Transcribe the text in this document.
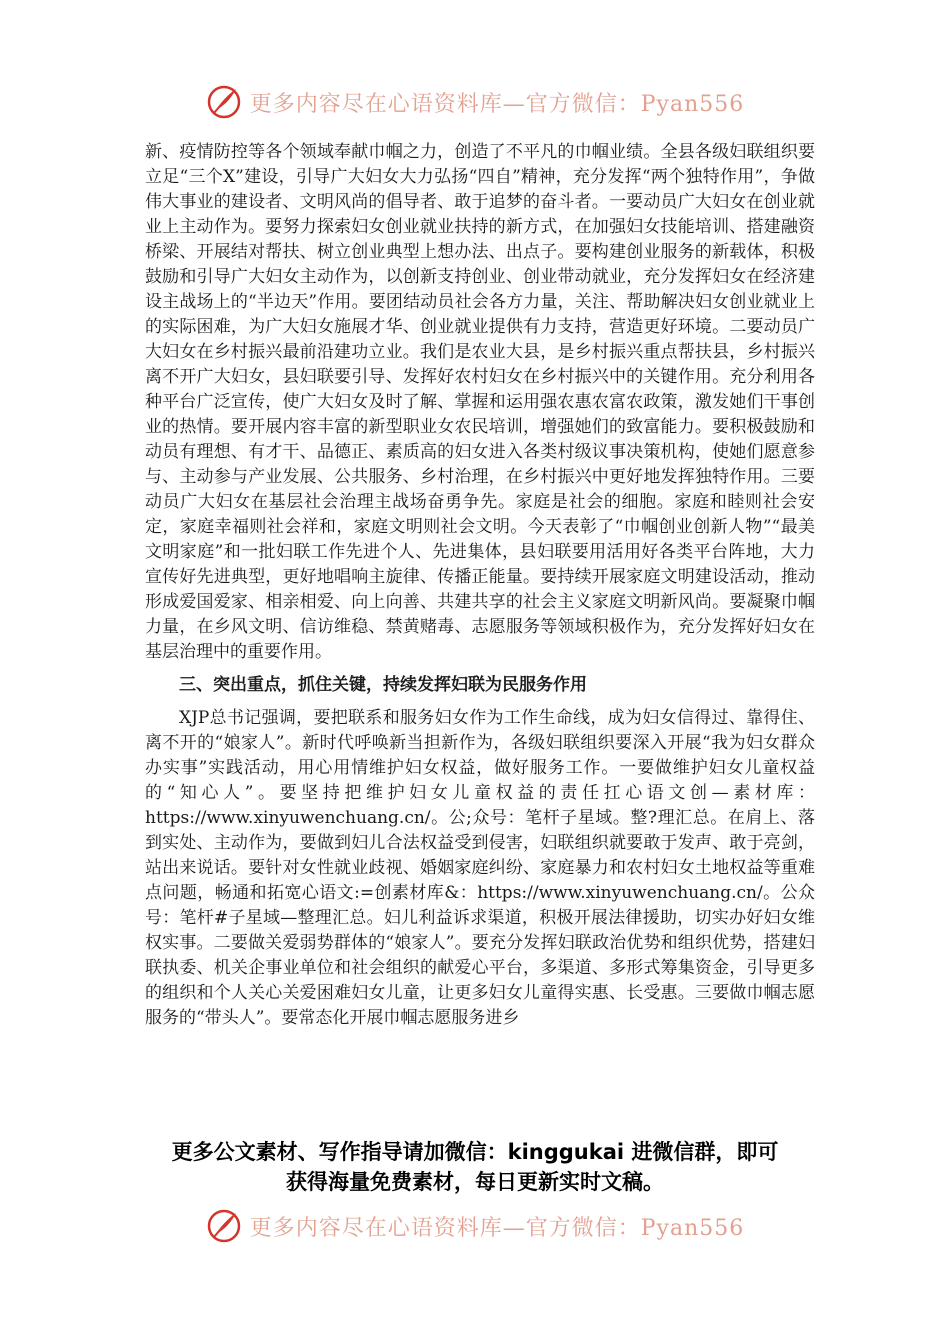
更多内容尽在心语资料库—官方微信：Pyan556

新、疫情防控等各个领域奉献巾帼之力，创造了不平凡的巾帼业绩。全县各级妇联组织要立足“三个X”建设，引导广大妇女大力弘扬“四自”精神，充分发挥“两个独特作用”，争做伟大事业的建设者、文明风尚的倡导者、敢于追梦的奋斗者。一要动员广大妇女在创业就业上主动作为。要努力探索妇女创业就业扶持的新方式，在加强妇女技能培训、搭建融资桥梁、开展结对帮扶、树立创业典型上想办法、出点子。要构建创业服务的新载体，积极鼓励和引导广大妇女主动作为，以创新支持创业、创业带动就业，充分发挥妇女在经济建设主战场上的“半边天”作用。要团结动员社会各方力量，关注、帮助解决妇女创业就业上的实际困难，为广大妇女施展才华、创业就业提供有力支持，营造更好环境。二要动员广大妇女在乡村振兴最前沿建功立业。我们是农业大县，是乡村振兴重点帮扶县，乡村振兴离不开广大妇女，县妇联要引导、发挥好农村妇女在乡村振兴中的关键作用。充分利用各种平台广泛宣传，使广大妇女及时了解、掌握和运用强农惠农富农政策，激发她们干事创业的热情。要开展内容丰富的新型职业女农民培训，增强她们的致富能力。要积极鼓励和动员有理想、有才干、品德正、素质高的妇女进入各类村级议事决策机构，使她们愿意参与、主动参与产业发展、公共服务、乡村治理，在乡村振兴中更好地发挥独特作用。三要动员广大妇女在基层社会治理主战场奋勇争先。家庭是社会的细胞。家庭和睦则社会安定，家庭幸福则社会祥和，家庭文明则社会文明。今天表彰了“巾帼创业创新人物”“最美文明家庭”和一批妇联工作先进个人、先进集体，县妇联要用活用好各类平台阵地，大力宣传好先进典型，更好地唱响主旋律、传播正能量。要持续开展家庭文明建设活动，推动形成爱国爱家、相亲相爱、向上向善、共建共享的社会主义家庭文明新风尚。要凝聚巾帼力量，在乡风文明、信访维稳、禁黄赌毒、志愿服务等领域积极作为，充分发挥好妇女在基层治理中的重要作用。

三、突出重点，抓住关键，持续发挥妇联为民服务作用

XJP总书记强调，要把联系和服务妇女作为工作生命线，成为妇女信得过、靠得住、离不开的“娘家人”。新时代呼唤新当担新作为，各级妇联组织要深入开展“我为妇女群众办实事”实践活动，用心用情维护妇女权益，做好服务工作。一要做维护妇女儿童权益的“知心人”。要坚持把维护妇女儿童权益的责任扛心语文创—素材库：https://www.xinyuwenchuang.cn/。公;众号：笔杆子星域。整?理汇总。在肩上、落到实处、主动作为，要做到妇儿合法权益受到侵害，妇联组织就要敢于发声、敢于亮剑，站出来说话。要针对女性就业歧视、婚姻家庭纠纷、家庭暴力和农村妇女土地权益等重难点问题，畅通和拓宽心语文:=创素材库&：https://www.xinyuwenchuang.cn/。公众号：笔杆#子星域—整理汇总。妇儿利益诉求渠道，积极开展法律援助，切实办好妇女维权实事。二要做关爱弱势群体的“娘家人”。要充分发挥妇联政治优势和组织优势，搭建妇联执委、机关企事业单位和社会组织的献爱心平台，多渠道、多形式筹集资金，引导更多的组织和个人关心关爱困难妇女儿童，让更多妇女儿童得实惠、长受惠。三要做巾帼志愿服务的“带头人”。要常态化开展巾帼志愿服务进乡

更多公文素材、写作指导请加微信：kinggukai 进微信群，即可
获得海量免费素材，每日更新实时文稿。
更多内容尽在心语资料库—官方微信：Pyan556
